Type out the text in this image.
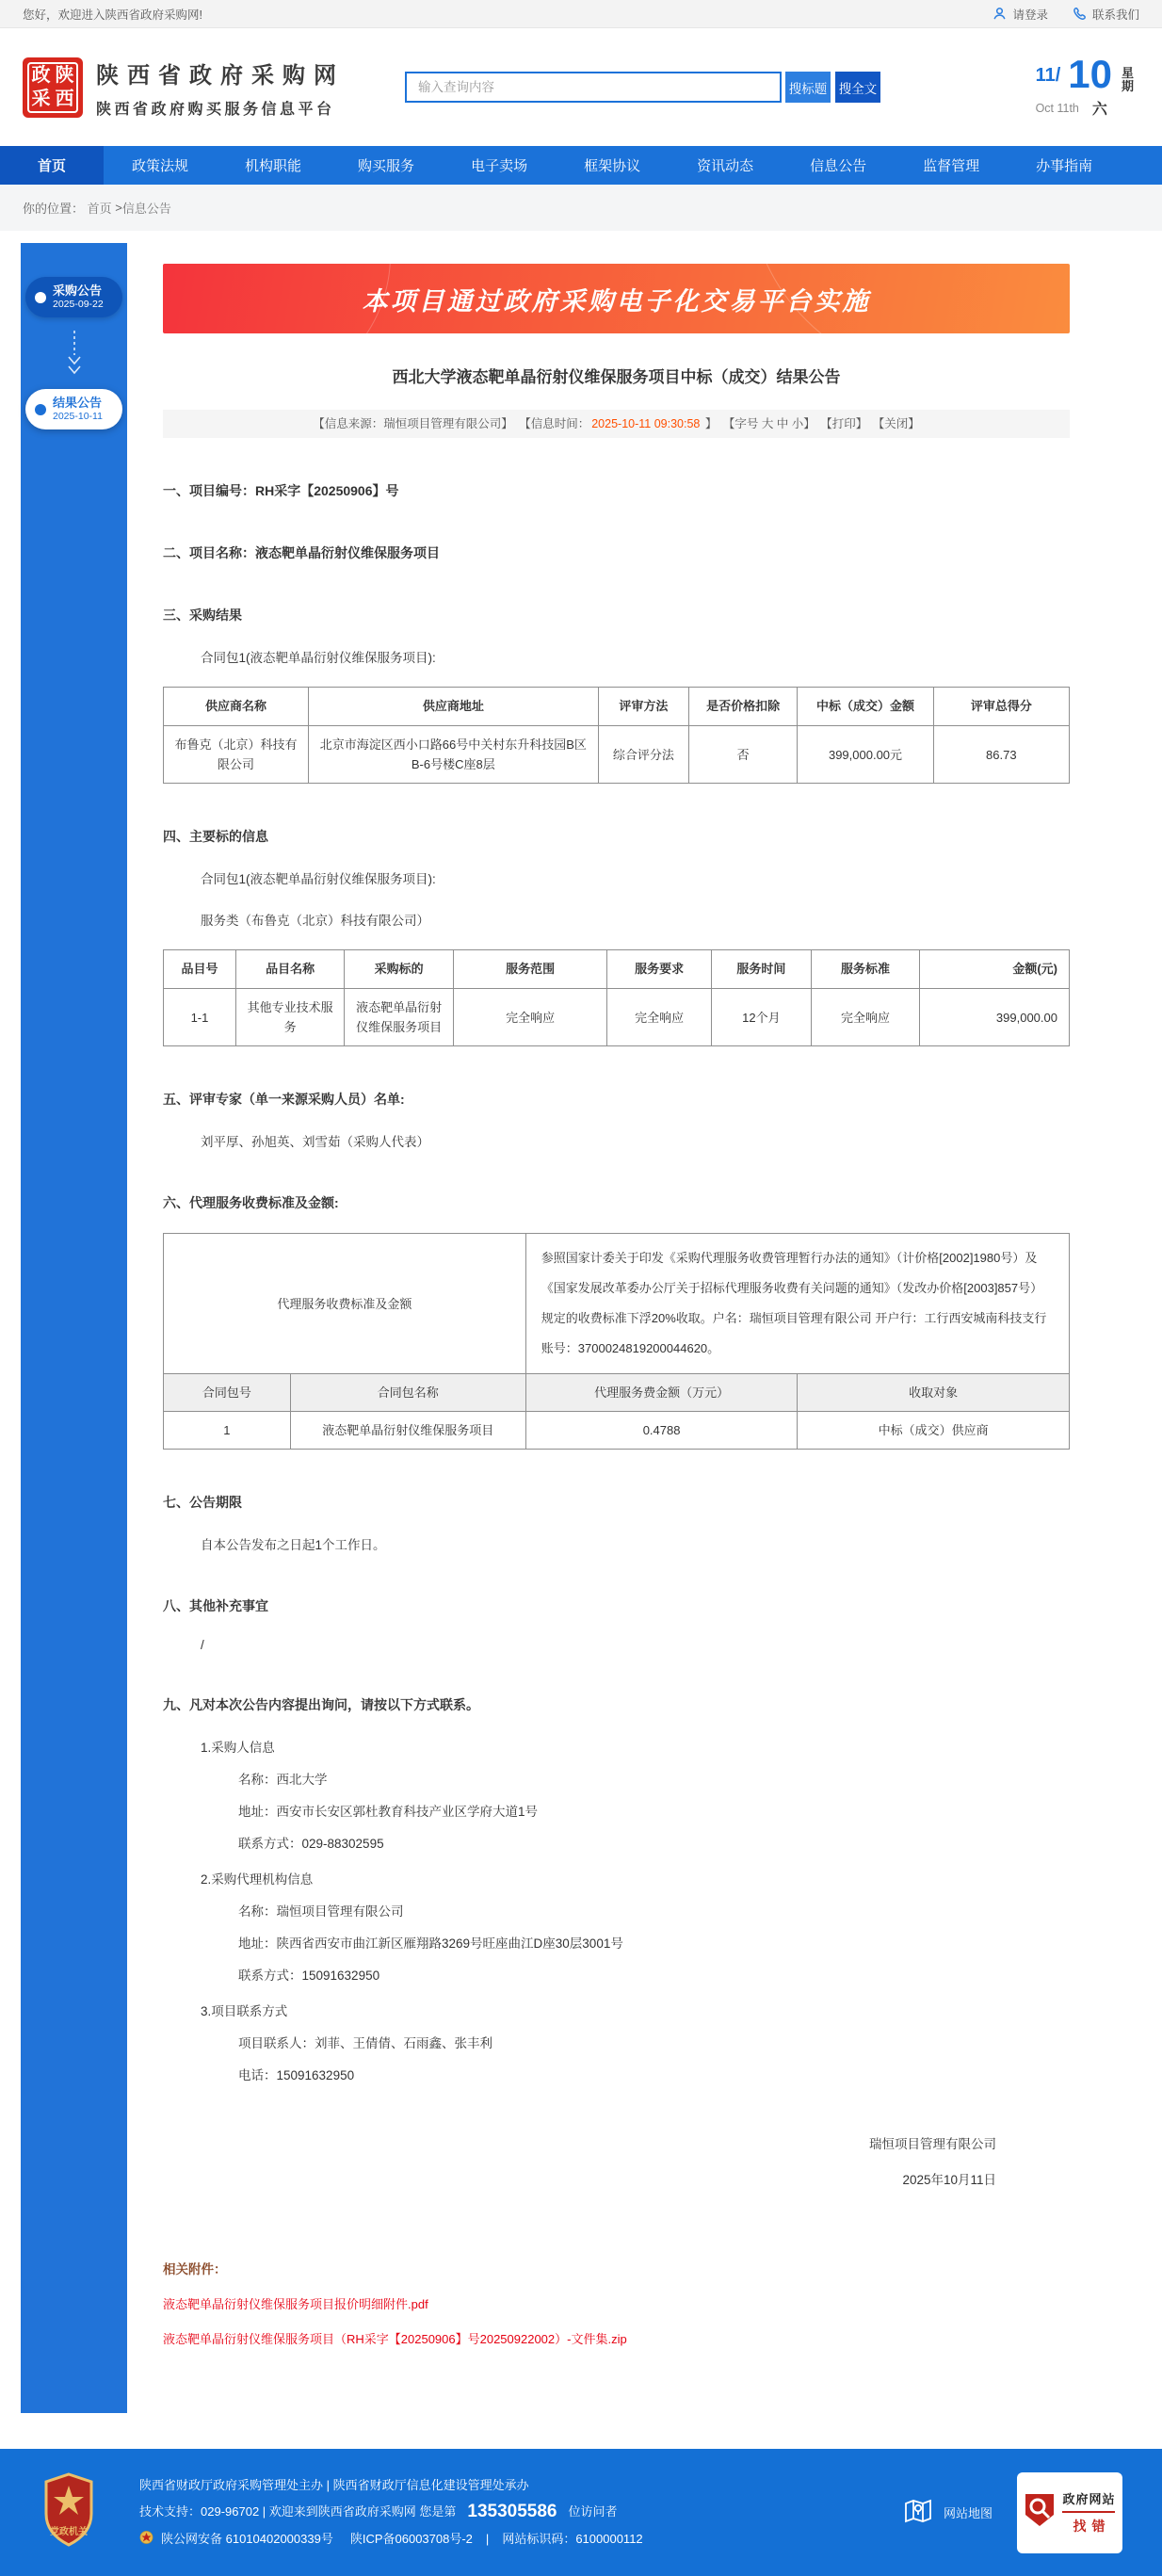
您好，欢迎进入陕西省政府采购网!	请登录	联系我们
政 陕
采 西
陕西省政府采购网
陕西省政府购买服务信息平台
输入查询内容
搜标题 搜全文
11/ 10 星
期
Oct 11th 六
首页	政策法规	机构职能	购买服务	电子卖场	框架协议	资讯动态	信息公告	监督管理	办事指南
你的位置：
首页
> 信息公告
采购公告
2025-09-22
结果公告
2025-10-11
本项目通过政府采购电子化交易平台实施
西北大学液态靶单晶衍射仪维保服务项目中标（成交）结果公告
【信息来源：瑞恒项目管理有限公司】 【信息时间： 2025-10-11 09:30:58 】 【字号 大 中 小】 【打印】 【关闭】
一、项目编号：RH采字【20250906】号
二、项目名称：液态靶单晶衍射仪维保服务项目
三、采购结果
合同包1(液态靶单晶衍射仪维保服务项目):
供应商名称	供应商地址	评审方法	是否价格扣除	中标（成交）金额	评审总得分
布鲁克（北京）科技有限公司	北京市海淀区西小口路66号中关村东升科技园B区B-6号楼C座8层	综合评分法	否	399,000.00元	86.73
四、主要标的信息
合同包1(液态靶单晶衍射仪维保服务项目):
服务类（布鲁克（北京）科技有限公司）
品目号	品目名称	采购标的	服务范围	服务要求	服务时间	服务标准	金额(元)
1-1	其他专业技术服务	液态靶单晶衍射仪维保服务项目	完全响应	完全响应	12个月	完全响应	399,000.00
五、评审专家（单一来源采购人员）名单:
刘平厚、孙旭英、刘雪茹（采购人代表）
六、代理服务收费标准及金额:
代理服务收费标准及金额		参照国家计委关于印发《采购代理服务收费管理暂行办法的通知》（计价格[2002]1980号）及《国家发展改革委办公厅关于招标代理服务收费有关问题的通知》（发改办价格[2003]857号）规定的收费标准下浮20%收取。户名：瑞恒项目管理有限公司 开户行：工行西安城南科技支行 账号：3700024819200044620。	
合同包号	合同包名称	代理服务费金额（万元）	收取对象
1	液态靶单晶衍射仪维保服务项目	0.4788	中标（成交）供应商
七、公告期限
自本公告发布之日起1个工作日。
八、其他补充事宜
/
九、凡对本次公告内容提出询问，请按以下方式联系。
1.采购人信息
名称：西北大学
地址：西安市长安区郭杜教育科技产业区学府大道1号
联系方式：029-88302595
2.采购代理机构信息
名称：瑞恒项目管理有限公司
地址：陕西省西安市曲江新区雁翔路3269号旺座曲江D座30层3001号
联系方式：15091632950
3.项目联系方式
项目联系人：刘菲、王倩倩、石雨鑫、张丰利
电话：15091632950
瑞恒项目管理有限公司
2025年10月11日
相关附件：
液态靶单晶衍射仪维保服务项目报价明细附件.pdf
液态靶单晶衍射仪维保服务项目（RH采字【20250906】号20250922002）-文件集.zip
党政机关
陕西省财政厅政府采购管理处主办 | 陕西省财政厅信息化建设管理处承办
技术支持：029-96702 | 欢迎来到陕西省政府采购网 您是第 135305586 位访问者
陕公网安备 61010402000339号 陕ICP备06003708号-2 | 网站标识码：6100000112
网站地图
政府网站
找错
